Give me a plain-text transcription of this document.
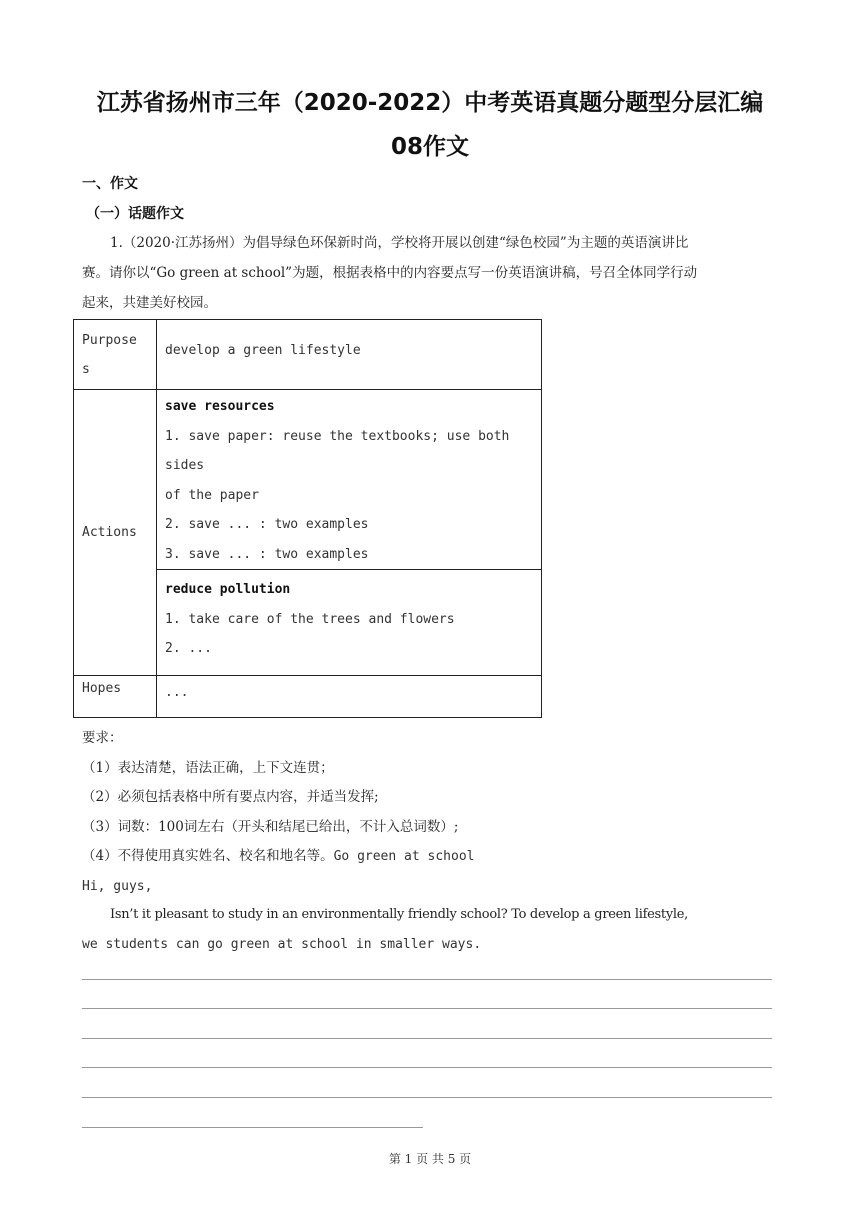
江苏省扬州市三年（2020-2022）中考英语真题分题型分层汇编
08作文
一、作文
（一）话题作文
1.（2020·江苏扬州）为倡导绿色环保新时尚，学校将开展以创建“绿色校园”为主题的英语演讲比
赛。请你以“Go green at school”为题，根据表格中的内容要点写一份英语演讲稿，号召全体同学行动
起来，共建美好校园。
Purpose
s	develop a green lifestyle

Actions	save resources
1. save paper: reuse the textbooks; use both sides
of the paper
2. save ... : two examples
3. save ... : two examples

	reduce pollution
1. take care of the trees and flowers
2. ...

Hopes	...
要求：
（1）表达清楚，语法正确，上下文连贯；
（2）必须包括表格中所有要点内容，并适当发挥;
（3）词数：100词左右（开头和结尾已给出，不计入总词数）;
（4）不得使用真实姓名、校名和地名等。Go green at school
Hi, guys,
Isn’t it pleasant to study in an environmentally friendly school? To develop a green lifestyle,
we students can go green at school in smaller ways.
第 1 页 共 5 页
